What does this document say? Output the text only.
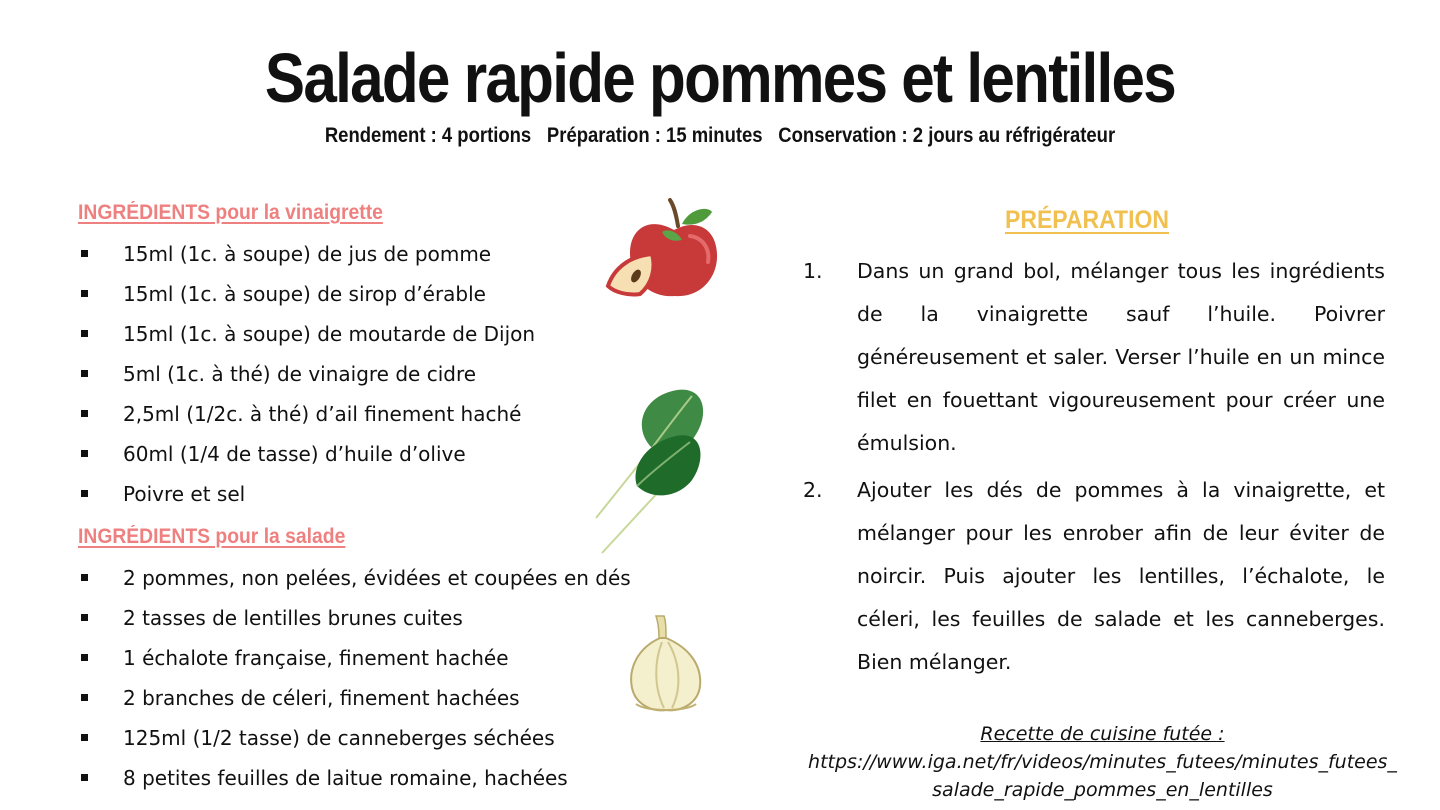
Salade rapide pommes et lentilles
Rendement : 4 portions Préparation : 15 minutes Conservation : 2 jours au réfrigérateur
INGRÉDIENTS pour la vinaigrette
15ml (1c. à soupe) de jus de pomme
15ml (1c. à soupe) de sirop d’érable
15ml (1c. à soupe) de moutarde de Dijon
5ml (1c. à thé) de vinaigre de cidre
2,5ml (1/2c. à thé) d’ail finement haché
60ml (1/4 de tasse) d’huile d’olive
Poivre et sel
INGRÉDIENTS pour la salade
2 pommes, non pelées, évidées et coupées en dés
2 tasses de lentilles brunes cuites
1 échalote française, finement hachée
2 branches de céleri, finement hachées
125ml (1/2 tasse) de canneberges séchées
8 petites feuilles de laitue romaine, hachées
PRÉPARATION
1. Dans un grand bol, mélanger tous les ingrédients de la vinaigrette sauf l’huile. Poivrer généreusement et saler. Verser l’huile en un mince filet en fouettant vigoureusement pour créer une émulsion.
2. Ajouter les dés de pommes à la vinaigrette, et mélanger pour les enrober afin de leur éviter de noircir. Puis ajouter les lentilles, l’échalote, le céleri, les feuilles de salade et les canneberges. Bien mélanger.
Recette de cuisine futée :
https://www.iga.net/fr/videos/minutes_futees/minutes_futees_
salade_rapide_pommes_en_lentilles
